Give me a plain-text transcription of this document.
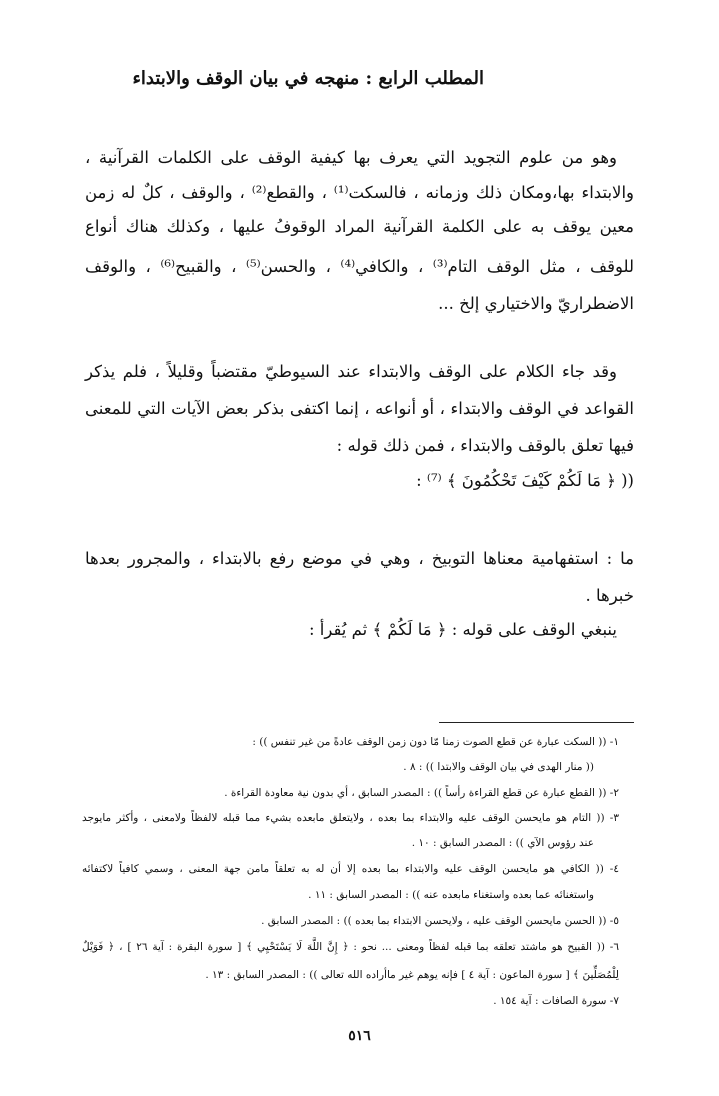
المطلب الرابع : منهجه في بيان الوقف والابتداء
وهو من علوم التجويد التي يعرف بها كيفية الوقف على الكلمات القرآنية ،
والابتداء بها،ومكان ذلك وزمانه ، فالسكت⁽¹⁾ ، والقطع⁽²⁾ ، والوقف ، كلٌ له زمن
معين يوقف به على الكلمة القرآنية المراد الوقوفُ عليها ، وكذلك هناك أنواع
للوقف ، مثل الوقف التام⁽³⁾ ، والكافي⁽⁴⁾ ، والحسن⁽⁵⁾ ، والقبيح⁽⁶⁾ ، والوقف
الاضطراريّ والاختياري إلخ ...
وقد جاء الكلام على الوقف والابتداء عند السيوطيّ مقتضباً وقليلاً ، فلم يذكر
القواعد في الوقف والابتداء ، أو أنواعه ، إنما اكتفى بذكر بعض الآيات التي للمعنى
فيها تعلق بالوقف والابتداء ، فمن ذلك قوله :
(( ﴿ مَا لَكُمْ كَيْفَ تَحْكُمُونَ ﴾ ⁽⁷⁾ :
ما : استفهامية معناها التوبيخ ، وهي في موضع رفع بالابتداء ، والمجرور بعدها
خبرها .
ينبغي الوقف على قوله : ﴿ مَا لَكُمْ ﴾ ثم يُقرأ :
١- (( السكت عبارة عن قطع الصوت زمنا مّا دون زمن الوقف عادةً من غير تنفس )) :
(( منار الهدى في بيان الوقف والابتدا )) : ٨ .
٢- (( القطع عبارة عن قطع القراءة رأساً )) : المصدر السابق ، أي بدون نية معاودة القراءة .
٣- (( التام هو مايحسن الوقف عليه والابتداء بما بعده ، ولايتعلق مابعده بشيء مما قبله لالفظاً ولامعنى ، وأكثر مايوجد
عند رؤوس الآي )) : المصدر السابق : ١٠ .
٤- (( الكافي هو مايحسن الوقف عليه والابتداء بما بعده إلا أن له به تعلقاً مامن جهة المعنى ، وسمي كافياً لاكتفائه
واستغنائه عما بعده واستغناء مابعده عنه )) : المصدر السابق : ١١ .
٥- (( الحسن مايحسن الوقف عليه ، ولايحسن الابتداء بما بعده )) : المصدر السابق .
٦- (( القبيح هو ماشتد تعلقه بما قبله لفظاً ومعنى ... نحو : ﴿ إِنَّ اللَّهَ لَا يَسْتَحْيِي ﴾ [ سورة البقرة : آية ٢٦ ] ، ﴿ فَوَيْلٌ
لِلْمُصَلِّينَ ﴾ [ سورة الماعون : آية ٤ ] فإنه يوهم غير ماأراده الله تعالى )) : المصدر السابق : ١٣ .
٧- سورة الصافات : آية ١٥٤ .
٥١٦
